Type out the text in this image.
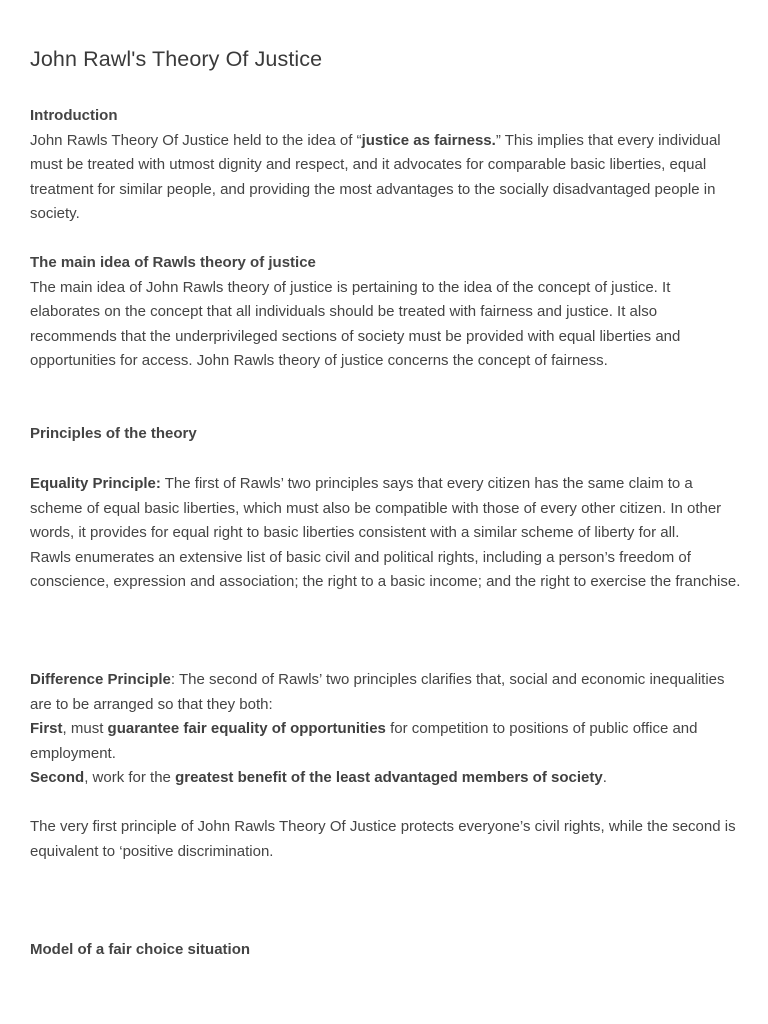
John Rawl's Theory Of Justice

Introduction

John Rawls Theory Of Justice held to the idea of “justice as fairness.” This implies that every individual must be treated with utmost dignity and respect, and it advocates for comparable basic liberties, equal treatment for similar people, and providing the most advantages to the socially disadvantaged people in society.

The main idea of Rawls theory of justice

The main idea of John Rawls theory of justice is pertaining to the idea of the concept of justice. It elaborates on the concept that all individuals should be treated with fairness and justice. It also recommends that the underprivileged sections of society must be provided with equal liberties and opportunities for access. John Rawls theory of justice concerns the concept of fairness.

Principles of the theory

Equality Principle: The first of Rawls’ two principles says that every citizen has the same claim to a scheme of equal basic liberties, which must also be compatible with those of every other citizen. In other words, it provides for equal right to basic liberties consistent with a similar scheme of liberty for all.

Rawls enumerates an extensive list of basic civil and political rights, including a person’s freedom of conscience, expression and association; the right to a basic income; and the right to exercise the franchise.

Difference Principle: The second of Rawls’ two principles clarifies that, social and economic inequalities are to be arranged so that they both:

First, must guarantee fair equality of opportunities for competition to positions of public office and employment.

Second, work for the greatest benefit of the least advantaged members of society.

The very first principle of John Rawls Theory Of Justice protects everyone’s civil rights, while the second is equivalent to ‘positive discrimination.

Model of a fair choice situation
